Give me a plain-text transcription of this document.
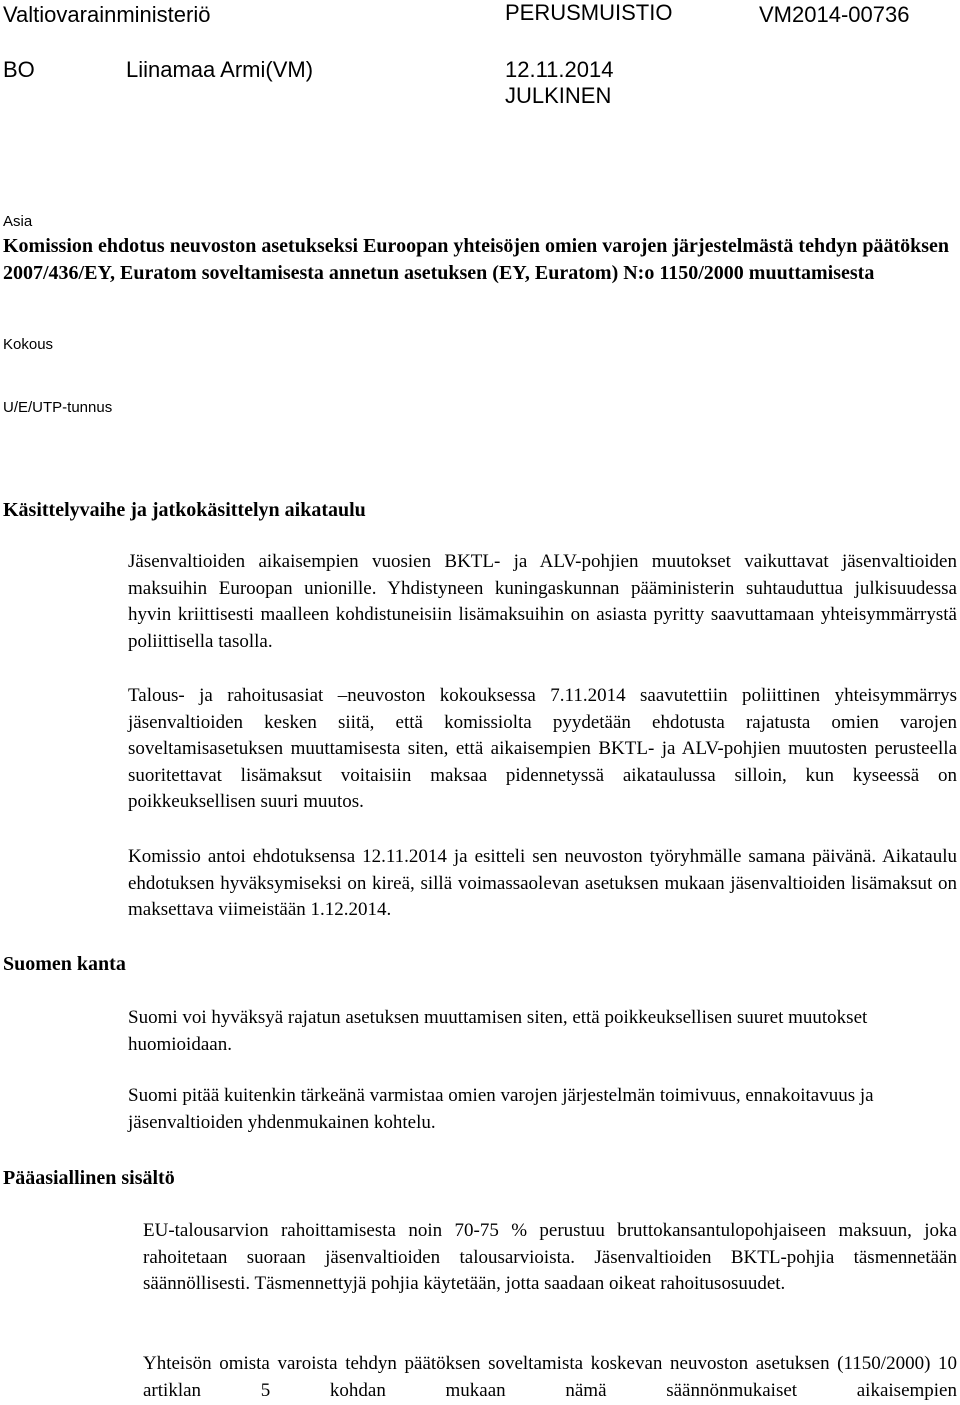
Valtiovarainministeriö	PERUSMUISTIO	VM2014-00736
BO	Liinamaa Armi(VM)	12.11.2014
JULKINEN
Asia
Komission ehdotus neuvoston asetukseksi Euroopan yhteisöjen omien varojen järjestelmästä tehdyn päätöksen 2007/436/EY, Euratom soveltamisesta annetun asetuksen (EY, Euratom) N:o 1150/2000 muuttamisesta
Kokous
U/E/UTP-tunnus
Käsittelyvaihe ja jatkokäsittelyn aikataulu
Jäsenvaltioiden aikaisempien vuosien BKTL- ja ALV-pohjien muutokset vaikuttavat jäsenvaltioiden maksuihin Euroopan unionille. Yhdistyneen kuningaskunnan pääministerin suhtauduttua julkisuudessa hyvin kriittisesti maalleen kohdistuneisiin lisämaksuihin on asiasta pyritty saavuttamaan yhteisymmärrystä poliittisella tasolla.
Talous- ja rahoitusasiat –neuvoston kokouksessa 7.11.2014 saavutettiin poliittinen yhteisymmärrys jäsenvaltioiden kesken siitä, että komissiolta pyydetään ehdotusta rajatusta omien varojen soveltamisasetuksen muuttamisesta siten, että aikaisempien BKTL- ja ALV-pohjien muutosten perusteella suoritettavat lisämaksut voitaisiin maksaa pidennetyssä aikataulussa silloin, kun kyseessä on poikkeuksellisen suuri muutos.
Komissio antoi ehdotuksensa 12.11.2014 ja esitteli sen neuvoston työryhmälle samana päivänä. Aikataulu ehdotuksen hyväksymiseksi on kireä, sillä voimassaolevan asetuksen mukaan jäsenvaltioiden lisämaksut on maksettava viimeistään 1.12.2014.
Suomen kanta
Suomi voi hyväksyä rajatun asetuksen muuttamisen siten, että poikkeuksellisen suuret muutokset huomioidaan.
Suomi pitää kuitenkin tärkeänä varmistaa omien varojen järjestelmän toimivuus, ennakoitavuus ja jäsenvaltioiden yhdenmukainen kohtelu.
Pääasiallinen sisältö
EU-talousarvion rahoittamisesta noin 70-75 % perustuu bruttokansantulopohjaiseen maksuun, joka rahoitetaan suoraan jäsenvaltioiden talousarvioista. Jäsenvaltioiden BKTL-pohjia täsmennetään säännöllisesti. Täsmennettyjä pohjia käytetään, jotta saadaan oikeat rahoitusosuudet.
Yhteisön omista varoista tehdyn päätöksen soveltamista koskevan neuvoston asetuksen (1150/2000) 10 artiklan 5 kohdan mukaan nämä säännönmukaiset aikaisempien
